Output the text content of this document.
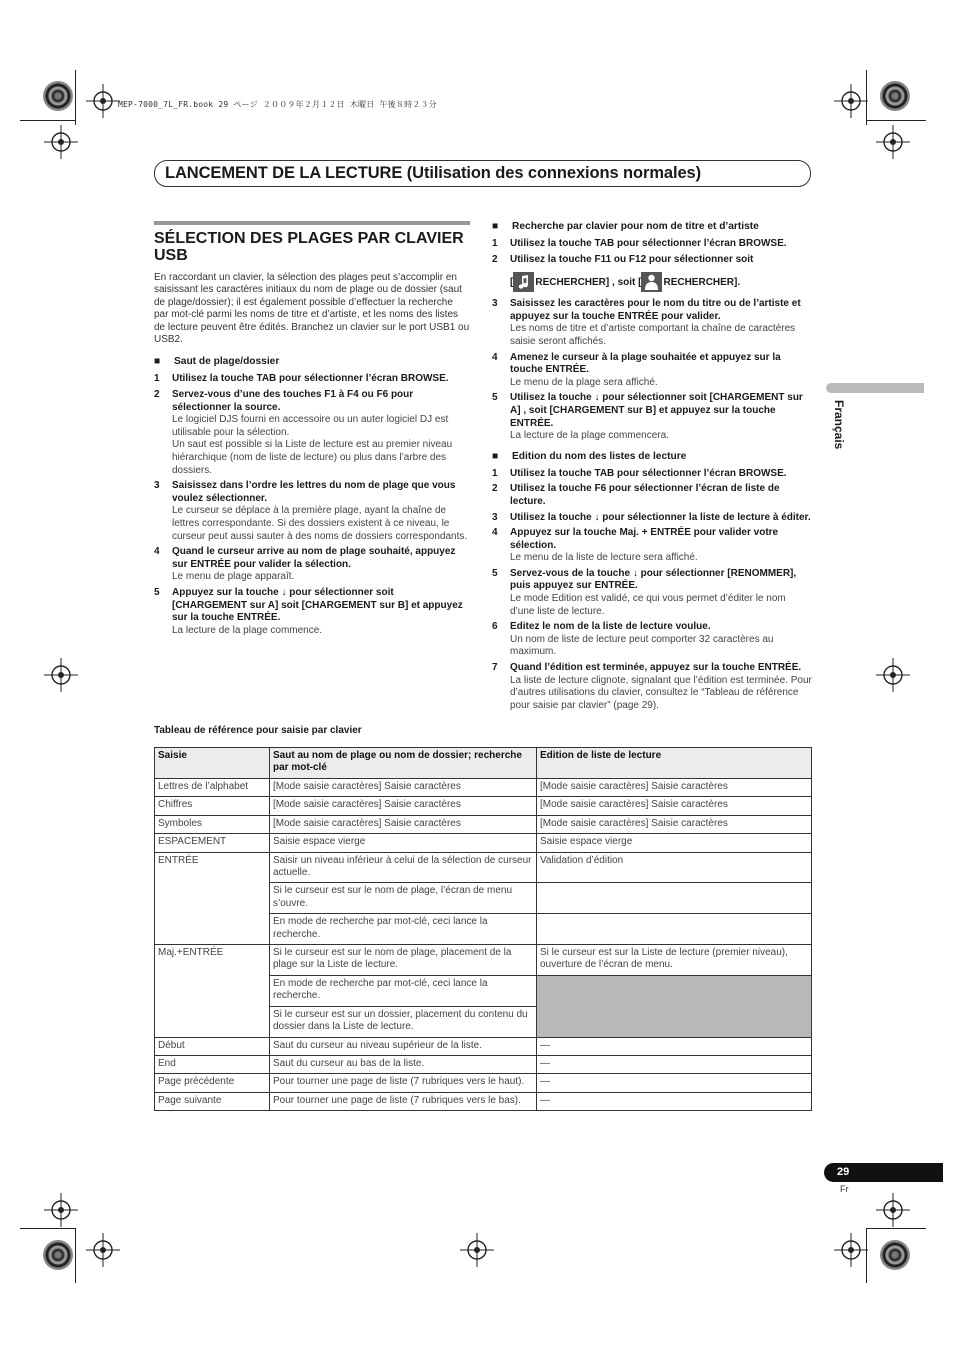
MEP-7000_7L_FR.book 29 ページ ２００９年２月１２日 木曜日 午後８時２３分
LANCEMENT DE LA LECTURE (Utilisation des connexions normales)
Français
SÉLECTION DES PLAGES PAR CLAVIER USB

En raccordant un clavier, la sélection des plages peut s’accomplir en saisissant les caractères initiaux du nom de plage ou de dossier (saut de plage/dossier); il est également possible d’effectuer la recherche par mot-clé parmi les noms de titre et d’artiste, et les noms des listes de lecture peuvent être édités. Branchez un clavier sur le port USB1 ou USB2.

■	Saut de plage/dossier
1	Utilisez la touche TAB pour sélectionner l’écran BROWSE.
2	Servez-vous d’une des touches F1 à F4 ou F6 pour sélectionner la source.
Le logiciel DJS fourni en accessoire ou un auter logiciel DJ est utilisable pour la sélection.
Un saut est possible si la Liste de lecture est au premier niveau hiérarchique (nom de liste de lecture) ou plus dans l’arbre des dossiers.
3	Saisissez dans l’ordre les lettres du nom de plage que vous voulez sélectionner.
Le curseur se déplace à la première plage, ayant la chaîne de lettres correspondante. Si des dossiers existent à ce niveau, le curseur peut aussi sauter à des noms de dossiers correspondants.
4	Quand le curseur arrive au nom de plage souhaité, appuyez sur ENTRÉE pour valider la sélection.
Le menu de plage apparaît.
5	Appuyez sur la touche ↓ pour sélectionner soit [CHARGEMENT sur A] soit [CHARGEMENT sur B] et appuyez sur la touche ENTRÉE.
La lecture de la plage commence.
■	Recherche par clavier pour nom de titre et d’artiste
1	Utilisez la touche TAB pour sélectionner l’écran BROWSE.
2	Utilisez la touche F11 ou F12 pour sélectionner soit
[ RECHERCHER ] , soit [ RECHERCHER ].
3	Saisissez les caractères pour le nom du titre ou de l’artiste et appuyez sur la touche ENTRÉE pour valider.
Les noms de titre et d’artiste comportant la chaîne de caractères saisie seront affichés.
4	Amenez le curseur à la plage souhaitée et appuyez sur la touche ENTRÉE.
Le menu de la plage sera affiché.
5	Utilisez la touche ↓ pour sélectionner soit [CHARGEMENT sur A] , soit [CHARGEMENT sur B] et appuyez sur la touche ENTRÉE.
La lecture de la plage commencera.
■	Edition du nom des listes de lecture
1	Utilisez la touche TAB pour sélectionner l’écran BROWSE.
2	Utilisez la touche F6 pour sélectionner l’écran de liste de lecture.
3	Utilisez la touche ↓ pour sélectionner la liste de lecture à éditer.
4	Appuyez sur la touche Maj. + ENTRÉE pour valider votre sélection.
Le menu de la liste de lecture sera affiché.
5	Servez-vous de la touche ↓ pour sélectionner [RENOMMER], puis appuyez sur ENTRÉE.
Le mode Edition est validé, ce qui vous permet d’éditer le nom d’une liste de lecture.
6	Editez le nom de la liste de lecture voulue.
Un nom de liste de lecture peut comporter 32 caractères au maximum.
7	Quand l’édition est terminée, appuyez sur la touche ENTRÉE.
La liste de lecture clignote, signalant que l’édition est terminée. Pour d’autres utilisations du clavier, consultez le “Tableau de référence pour saisie par clavier” (page 29).
Tableau de référence pour saisie par clavier
Saisie	Saut au nom de plage ou nom de dossier; recherche par mot-clé	Edition de liste de lecture
Lettres de l’alphabet	[Mode saisie caractères] Saisie caractères	[Mode saisie caractères] Saisie caractères
Chiffres	[Mode saisie caractères] Saisie caractères	[Mode saisie caractères] Saisie caractères
Symboles	[Mode saisie caractères] Saisie caractères	[Mode saisie caractères] Saisie caractères
ESPACEMENT	Saisie espace vierge	Saisie espace vierge
ENTRÉE	Saisir un niveau inférieur à celui de la sélection de curseur actuelle.	Validation d’édition
	Si le curseur est sur le nom de plage, l’écran de menu s’ouvre.	
	En mode de recherche par mot-clé, ceci lance la recherche.	
Maj.+ENTRÉE	Si le curseur est sur le nom de plage, placement de la plage sur la Liste de lecture.	Si le curseur est sur la Liste de lecture (premier niveau), ouverture de l’écran de menu.
	En mode de recherche par mot-clé, ceci lance la recherche.	
	Si le curseur est sur un dossier, placement du contenu du dossier dans la Liste de lecture.	
Début	Saut du curseur au niveau supérieur de la liste.	—
End	Saut du curseur au bas de la liste.	—
Page précédente	Pour tourner une page de liste (7 rubriques vers le haut).	—
Page suivante	Pour tourner une page de liste (7 rubriques vers le bas).	—
29
Fr
